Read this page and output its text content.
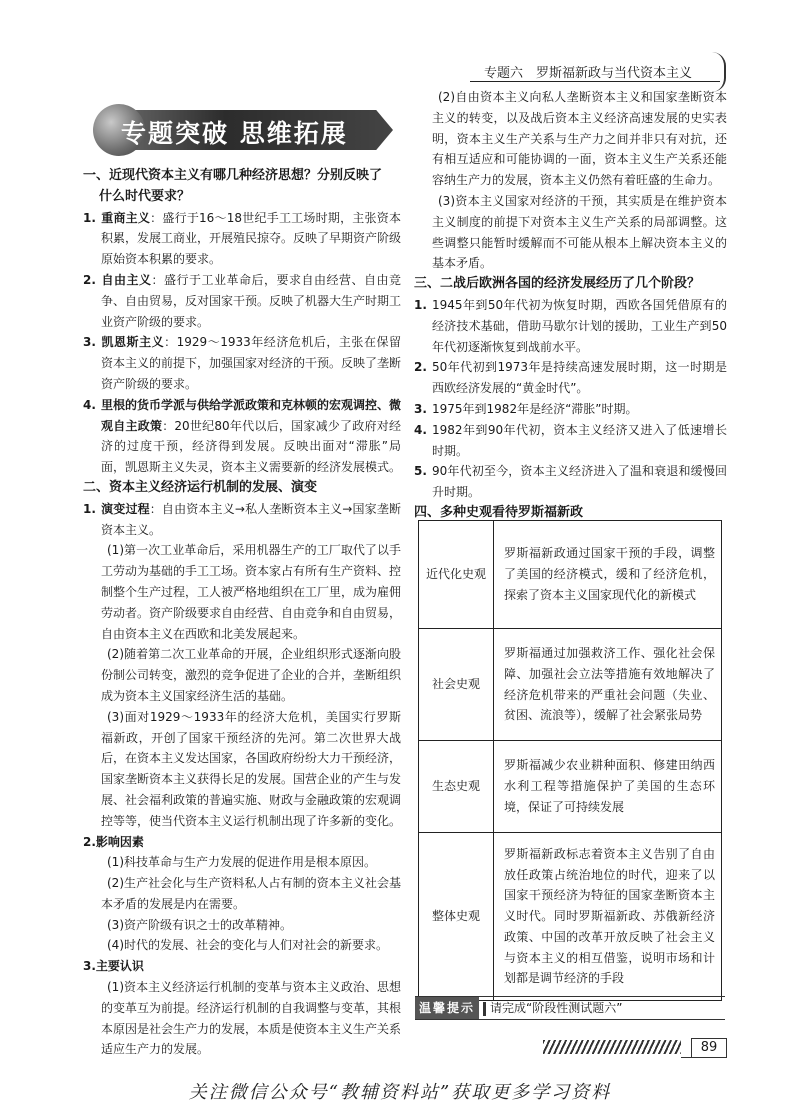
专题六　罗斯福新政与当代资本主义
专题突破 思维拓展

一、近现代资本主义有哪几种经济思想？分别反映了

什么时代要求？

1. 重商主义：盛行于16～18世纪手工工场时期，主张资本积累，发展工商业，开展殖民掠夺。反映了早期资产阶级原始资本积累的要求。

2. 自由主义：盛行于工业革命后，要求自由经营、自由竞争、自由贸易，反对国家干预。反映了机器大生产时期工业资产阶级的要求。

3. 凯恩斯主义：1929～1933年经济危机后，主张在保留资本主义的前提下，加强国家对经济的干预。反映了垄断资产阶级的要求。

4. 里根的货币学派与供给学派政策和克林顿的宏观调控、微观自主政策：20世纪80年代以后，国家减少了政府对经济的过度干预，经济得到发展。反映出面对“滞胀”局面，凯恩斯主义失灵，资本主义需要新的经济发展模式。

二、资本主义经济运行机制的发展、演变

1. 演变过程：自由资本主义→私人垄断资本主义→国家垄断资本主义。

(1)第一次工业革命后，采用机器生产的工厂取代了以手工劳动为基础的手工工场。资本家占有所有生产资料、控制整个生产过程，工人被严格地组织在工厂里，成为雇佣劳动者。资产阶级要求自由经营、自由竞争和自由贸易，自由资本主义在西欧和北美发展起来。

(2)随着第二次工业革命的开展，企业组织形式逐渐向股份制公司转变，激烈的竞争促进了企业的合并，垄断组织成为资本主义国家经济生活的基础。

(3)面对1929～1933年的经济大危机，美国实行罗斯福新政，开创了国家干预经济的先河。第二次世界大战后，在资本主义发达国家，各国政府纷纷大力干预经济，国家垄断资本主义获得长足的发展。国营企业的产生与发展、社会福利政策的普遍实施、财政与金融政策的宏观调控等等，使当代资本主义运行机制出现了许多新的变化。

2.影响因素

(1)科技革命与生产力发展的促进作用是根本原因。

(2)生产社会化与生产资料私人占有制的资本主义社会基本矛盾的发展是内在需要。

(3)资产阶级有识之士的改革精神。

(4)时代的发展、社会的变化与人们对社会的新要求。

3.主要认识

(1)资本主义经济运行机制的变革与资本主义政治、思想的变革互为前提。经济运行机制的自我调整与变革，其根本原因是社会生产力的发展，本质是使资本主义生产关系适应生产力的发展。

(2)自由资本主义向私人垄断资本主义和国家垄断资本主义的转变，以及战后资本主义经济高速发展的史实表明，资本主义生产关系与生产力之间并非只有对抗，还有相互适应和可能协调的一面，资本主义生产关系还能容纳生产力的发展，资本主义仍然有着旺盛的生命力。

(3)资本主义国家对经济的干预，其实质是在维护资本主义制度的前提下对资本主义生产关系的局部调整。这些调整只能暂时缓解而不可能从根本上解决资本主义的基本矛盾。

三、二战后欧洲各国的经济发展经历了几个阶段？

1. 1945年到50年代初为恢复时期，西欧各国凭借原有的经济技术基础，借助马歇尔计划的援助，工业生产到50年代初逐渐恢复到战前水平。

2. 50年代初到1973年是持续高速发展时期，这一时期是西欧经济发展的“黄金时代”。

3. 1975年到1982年是经济“滞胀”时期。

4. 1982年到90年代初，资本主义经济又进入了低速增长时期。

5. 90年代初至今，资本主义经济进入了温和衰退和缓慢回升时期。

四、多种史观看待罗斯福新政

近代化史观	罗斯福新政通过国家干预的手段，调整了美国的经济模式，缓和了经济危机，探索了资本主义国家现代化的新模式
社会史观	罗斯福通过加强救济工作、强化社会保障、加强社会立法等措施有效地解决了经济危机带来的严重社会问题（失业、贫困、流浪等），缓解了社会紧张局势
生态史观	罗斯福减少农业耕种面积、修建田纳西水利工程等措施保护了美国的生态环境，保证了可持续发展
整体史观	罗斯福新政标志着资本主义告别了自由放任政策占统治地位的时代，迎来了以国家干预经济为特征的国家垄断资本主义时代。同时罗斯福新政、苏俄新经济政策、中国的改革开放反映了社会主义与资本主义的相互借鉴，说明市场和计划都是调节经济的手段
温馨提示 请完成“阶段性测试题六”
89
关注微信公众号“教辅资料站”获取更多学习资料
